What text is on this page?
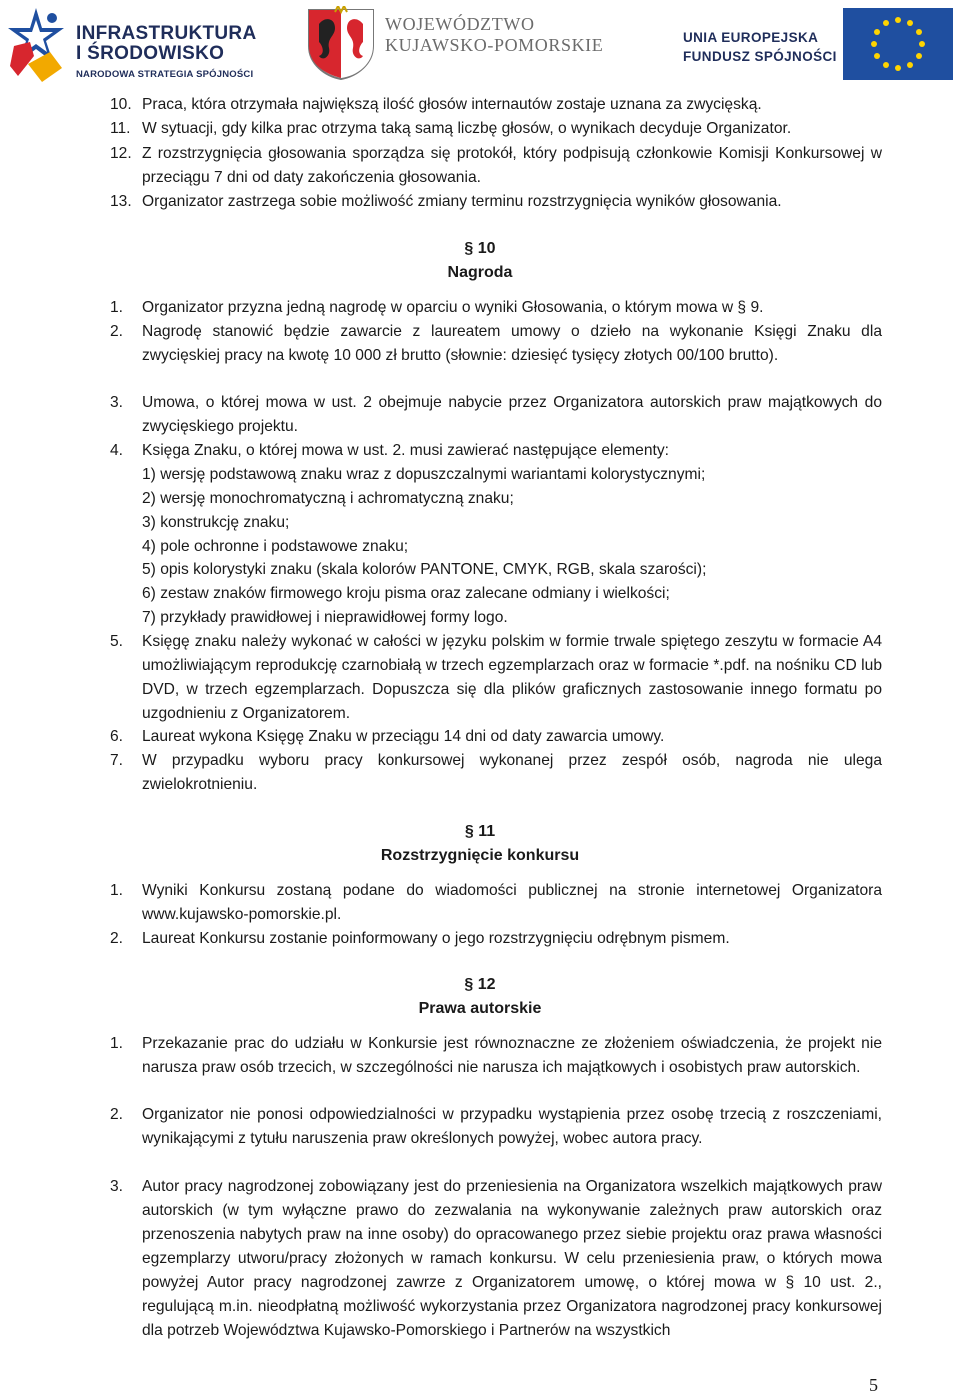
INFRASTRUKTURA
I ŚRODOWISKO
NARODOWA STRATEGIA SPÓJNOŚCI
WOJEWÓDZTWO
KUJAWSKO-POMORSKIE	UNIA EUROPEJSKA
FUNDUSZ SPÓJNOŚCI
10. Praca, która otrzymała największą ilość głosów internautów zostaje uznana za zwycięską.
11. W sytuacji, gdy kilka prac otrzyma taką samą liczbę głosów, o wynikach decyduje Organizator.
12. Z rozstrzygnięcia głosowania sporządza się protokół, który podpisują członkowie Komisji Konkursowej w przeciągu 7 dni od daty zakończenia głosowania.
13. Organizator zastrzega sobie możliwość zmiany terminu rozstrzygnięcia wyników głosowania.
§ 10
Nagroda
1. Organizator przyzna jedną nagrodę w oparciu o wyniki Głosowania, o którym mowa w § 9.
2. Nagrodę stanowić będzie zawarcie z laureatem umowy o dzieło na wykonanie Księgi Znaku dla zwycięskiej pracy na kwotę 10 000 zł brutto (słownie: dziesięć tysięcy złotych 00/100 brutto).
3. Umowa, o której mowa w ust. 2 obejmuje nabycie przez Organizatora autorskich praw majątkowych do zwycięskiego projektu.
4. Księga Znaku, o której mowa w ust. 2. musi zawierać następujące elementy:
1) wersję podstawową znaku wraz z dopuszczalnymi wariantami kolorystycznymi;
2) wersję monochromatyczną i achromatyczną znaku;
3) konstrukcję znaku;
4) pole ochronne i podstawowe znaku;
5) opis kolorystyki znaku (skala kolorów PANTONE, CMYK, RGB, skala szarości);
6) zestaw znaków firmowego kroju pisma oraz zalecane odmiany i wielkości;
7) przykłady prawidłowej i nieprawidłowej formy logo.
5. Księgę znaku należy wykonać w całości w języku polskim w formie trwale spiętego zeszytu w formacie A4 umożliwiającym reprodukcję czarnobiałą w trzech egzemplarzach oraz w formacie *.pdf. na nośniku CD lub DVD, w trzech egzemplarzach. Dopuszcza się dla plików graficznych zastosowanie innego formatu po uzgodnieniu z Organizatorem.
6. Laureat wykona Księgę Znaku w przeciągu 14 dni od daty zawarcia umowy.
7. W przypadku wyboru pracy konkursowej wykonanej przez zespół osób, nagroda nie ulega zwielokrotnieniu.
§ 11
Rozstrzygnięcie konkursu
1. Wyniki Konkursu zostaną podane do wiadomości publicznej na stronie internetowej Organizatora www.kujawsko-pomorskie.pl.
2. Laureat Konkursu zostanie poinformowany o jego rozstrzygnięciu odrębnym pismem.
§ 12
Prawa autorskie
1. Przekazanie prac do udziału w Konkursie jest równoznaczne ze złożeniem oświadczenia, że projekt nie narusza praw osób trzecich, w szczególności nie narusza ich majątkowych i osobistych praw autorskich.
2. Organizator nie ponosi odpowiedzialności w przypadku wystąpienia przez osobę trzecią z roszczeniami, wynikającymi z tytułu naruszenia praw określonych powyżej, wobec autora pracy.
3. Autor pracy nagrodzonej zobowiązany jest do przeniesienia na Organizatora wszelkich majątkowych praw autorskich (w tym wyłączne prawo do zezwalania na wykonywanie zależnych praw autorskich oraz przenoszenia nabytych praw na inne osoby) do opracowanego przez siebie projektu oraz prawa własności egzemplarzy utworu/pracy złożonych w ramach konkursu. W celu przeniesienia praw, o których mowa powyżej Autor pracy nagrodzonej zawrze z Organizatorem umowę, o której mowa w § 10 ust. 2., regulującą m.in. nieodpłatną możliwość wykorzystania przez Organizatora nagrodzonej pracy konkursowej dla potrzeb Województwa Kujawsko-Pomorskiego i Partnerów na wszystkich
5
